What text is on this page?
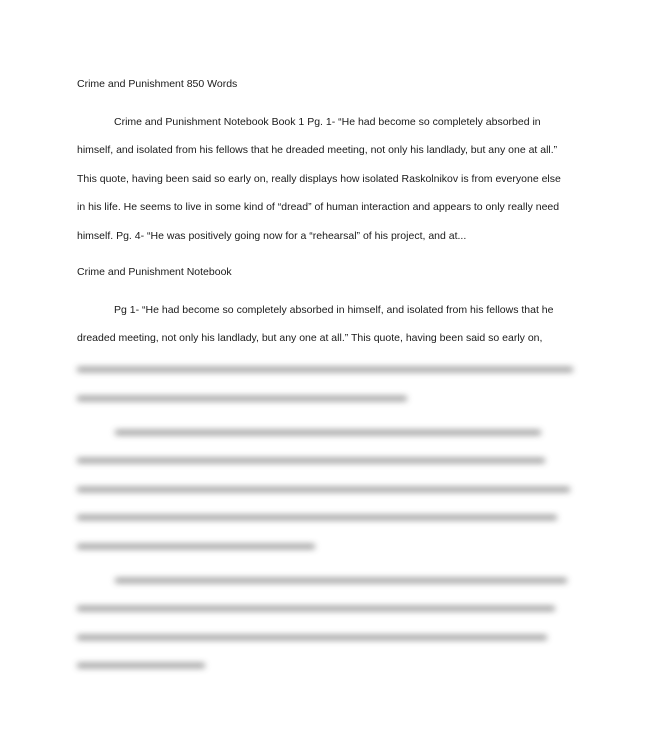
Crime and Punishment 850 Words
Crime and Punishment Notebook Book 1 Pg. 1- “He had become so completely absorbed in
himself, and isolated from his fellows that he dreaded meeting, not only his landlady, but any one at all.”
This quote, having been said so early on, really displays how isolated Raskolnikov is from everyone else
in his life. He seems to live in some kind of “dread” of human interaction and appears to only really need
himself. Pg. 4- “He was positively going now for a “rehearsal” of his project, and at...
Crime and Punishment Notebook
Pg 1- “He had become so completely absorbed in himself, and isolated from his fellows that he
dreaded meeting, not only his landlady, but any one at all.” This quote, having been said so early on,
